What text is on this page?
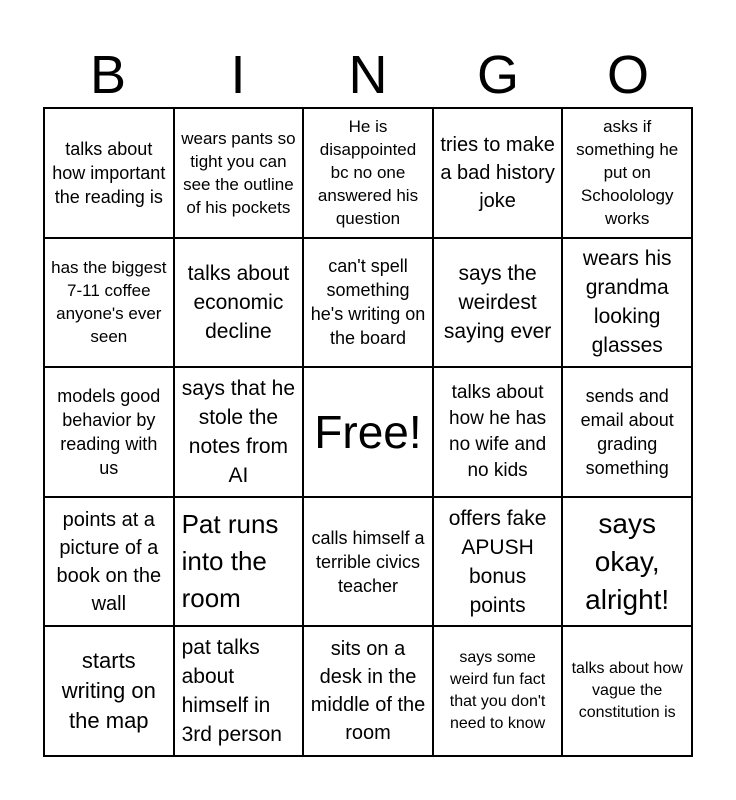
B	I	N	G	O
talks about how important the reading is
wears pants so tight you can see the outline of his pockets
He is disappointed bc no one answered his question
tries to make a bad history joke
asks if something he put on Schoolology works
has the biggest 7-11 coffee anyone's ever seen
talks about economic decline
can't spell something he's writing on the board
says the weirdest saying ever
wears his grandma looking glasses
models good behavior by reading with us
says that he stole the notes from AI
Free!
talks about how he has no wife and no kids
sends and email about grading something
points at a picture of a book on the wall
Pat runs into the room
calls himself a terrible civics teacher
offers fake APUSH bonus points
says okay, alright!
starts writing on the map
pat talks about himself in 3rd person
sits on a desk in the middle of the room
says some weird fun fact that you don't need to know
talks about how vague the constitution is
